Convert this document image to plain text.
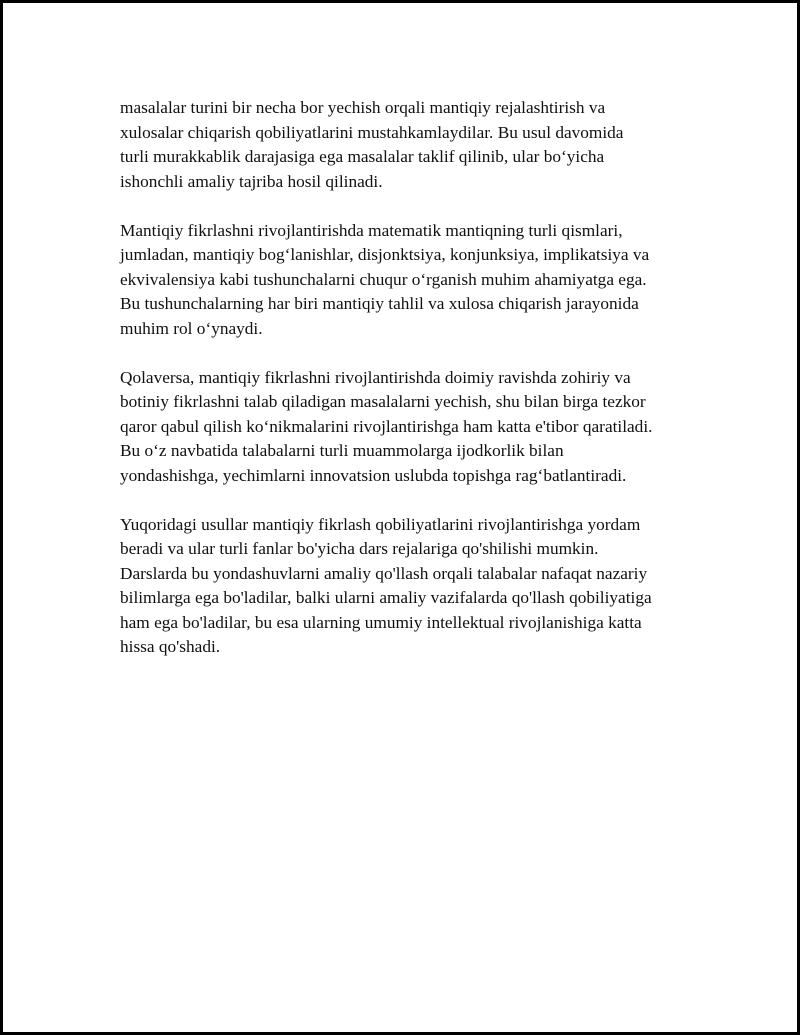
masalalar turini bir necha bor yechish orqali mantiqiy rejalashtirish va
xulosalar chiqarish qobiliyatlarini mustahkamlaydilar. Bu usul davomida
turli murakkablik darajasiga ega masalalar taklif qilinib, ular bo‘yicha
ishonchli amaliy tajriba hosil qilinadi.

Mantiqiy fikrlashni rivojlantirishda matematik mantiqning turli qismlari,
jumladan, mantiqiy bog‘lanishlar, disjonktsiya, konjunksiya, implikatsiya va
ekvivalensiya kabi tushunchalarni chuqur o‘rganish muhim ahamiyatga ega.
Bu tushunchalarning har biri mantiqiy tahlil va xulosa chiqarish jarayonida
muhim rol o‘ynaydi.

Qolaversa, mantiqiy fikrlashni rivojlantirishda doimiy ravishda zohiriy va
botiniy fikrlashni talab qiladigan masalalarni yechish, shu bilan birga tezkor
qaror qabul qilish ko‘nikmalarini rivojlantirishga ham katta e'tibor qaratiladi.
Bu o‘z navbatida talabalarni turli muammolarga ijodkorlik bilan
yondashishga, yechimlarni innovatsion uslubda topishga rag‘batlantiradi.

Yuqoridagi usullar mantiqiy fikrlash qobiliyatlarini rivojlantirishga yordam
beradi va ular turli fanlar bo'yicha dars rejalariga qo'shilishi mumkin.
Darslarda bu yondashuvlarni amaliy qo'llash orqali talabalar nafaqat nazariy
bilimlarga ega bo'ladilar, balki ularni amaliy vazifalarda qo'llash qobiliyatiga
ham ega bo'ladilar, bu esa ularning umumiy intellektual rivojlanishiga katta
hissa qo'shadi.
